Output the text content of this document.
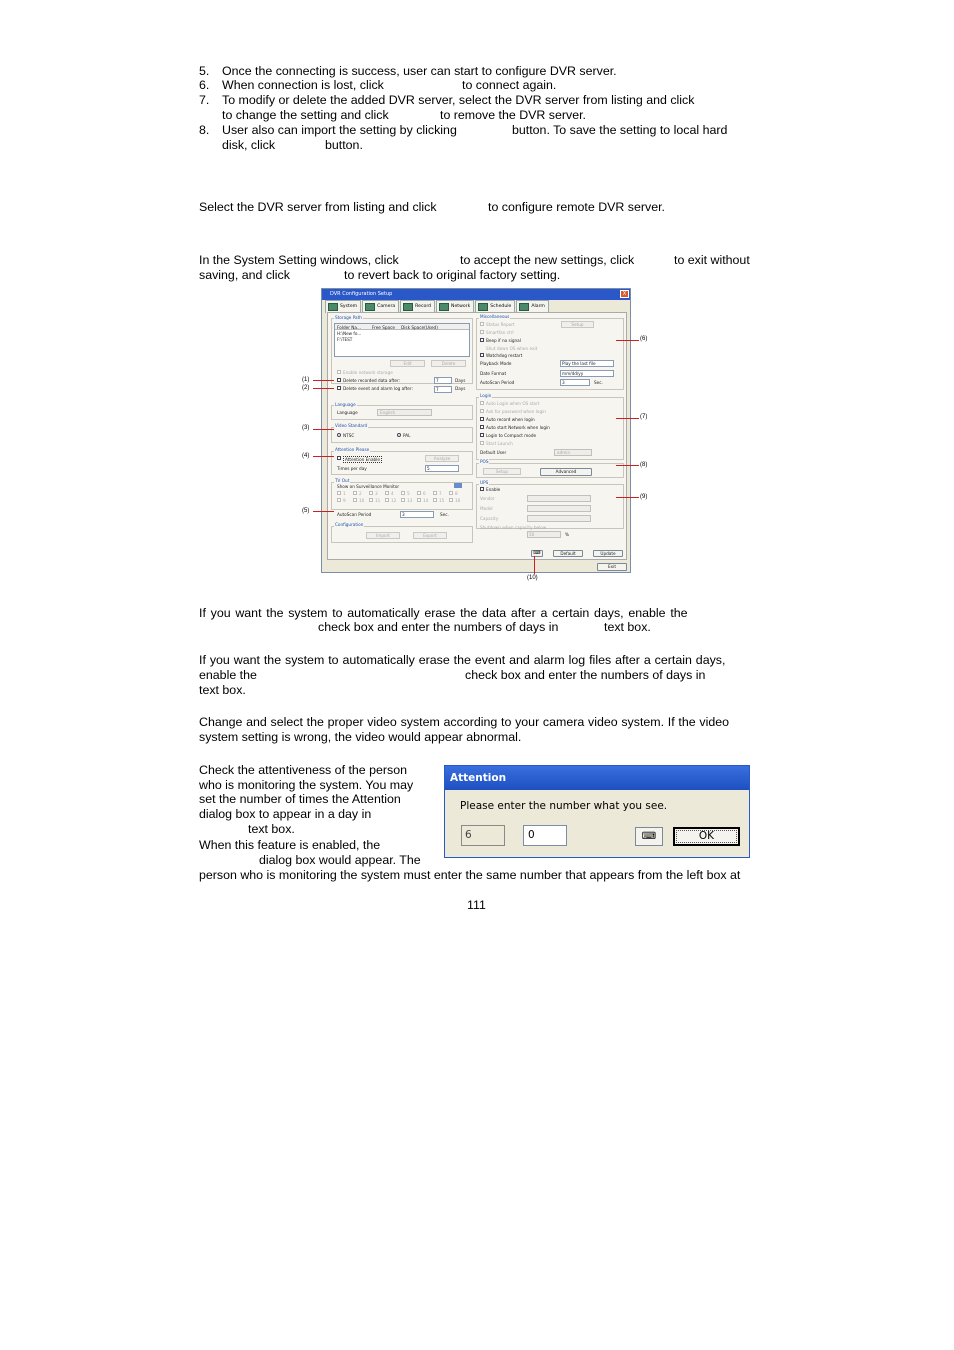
5. Once the connecting is success, user can start to configure DVR server.
6. When connection is lost, click	to connect again.
7. To modify or delete the added DVR server, select the DVR server from listing and click
to change the setting and click	to remove the DVR server.
8. User also can import the setting by clicking	button. To save the setting to local hard
disk, click	button.
Select the DVR server from listing and click	to configure remote DVR server.
In the System Setting windows, click	to accept the new settings, click	to exit without
saving, and click	to revert back to original factory setting.
DVR Configuration Setup	X
System	Camera	Record	Network	Schedule	Alarm
Storage Path
Folder Na...	Free Space Disk Space(Used)
H:\New fo...
F:\TEST
Edit	Delete
Enable network storage
Delete recorded data after:	7	Days
Delete event and alarm log after:	7	Days
Language
Language	English
Video Standard
NTSC	PAL
Attention Please
Attention Enable	Analyze
Times per day	5
TV Out
Show on Surveillance Monitor
1	2	3	4	5	6	7	8
9	10	11	12	13	14	15	16
AutoScan Period	3	Sec.
Configuration
Import	Export
Miscellaneous
Status Report	Setup
Smartfan ctrl
Beep if no signal
Shut down OS when exit
Watchdog restart
Playback Mode	Play the last file
Date Format	mm/dd/yy
AutoScan Period	3	Sec.
Login
Auto Login when OS start
Ask for password when login
Auto record when login
Auto start Network when login
Login to Compact mode
Start Launch
Default User	admin
POS
Setup	Advanced
UPS
Enable
Vendor
Model
Capacity
Shutdown when capacity below
50	%
⌨	Default	Update
Exit
(1)
(2)
(3)
(4)
(5)
(6)
(7)
(8)
(9)
(10)
If you want the system to automatically erase the data after a certain days, enable the
check box and enter the numbers of days in	text box.
If you want the system to automatically erase the event and alarm log files after a certain days,
enable the	check box and enter the numbers of days in
text box.
Change and select the proper video system according to your camera video system. If the video
system setting is wrong, the video would appear abnormal.
Check the attentiveness of the person
who is monitoring the system. You may
set the number of times the Attention
dialog box to appear in a day in
text box.
When this feature is enabled, the
dialog box would appear. The
person who is monitoring the system must enter the same number that appears from the left box at
Attention
Please enter the number what you see.
6	0	⌨	OK
111
